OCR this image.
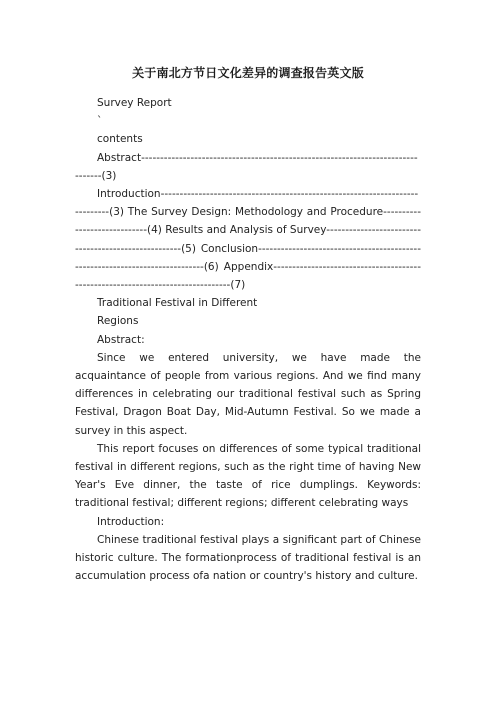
关于南北方节日文化差异的调查报告英文版

Survey Report

`

contents

Abstract--------------------------------------------------------------------------------(3)

Introduction-----------------------------------------------------------------------------(3) The Survey Design: Methodology and Procedure-----------------------------(4) Results and Analysis of Survey-----------------------------------------------------(5) Conclusion-----------------------------------------------------------------------------(6) Appendix--------------------------------------------------------------------------------(7)

Traditional Festival in Different

Regions

Abstract:

Since we entered university, we have made the acquaintance of people from various regions. And we find many differences in celebrating our traditional festival such as Spring Festival, Dragon Boat Day, Mid-Autumn Festival. So we made a survey in this aspect.

This report focuses on differences of some typical traditional festival in different regions, such as the right time of having New Year's Eve dinner, the taste of rice dumplings. Keywords: traditional festival; different regions; different celebrating ways

Introduction:

Chinese traditional festival plays a significant part of Chinese historic culture. The formationprocess of traditional festival is an accumulation process ofa nation or country's history and culture.
